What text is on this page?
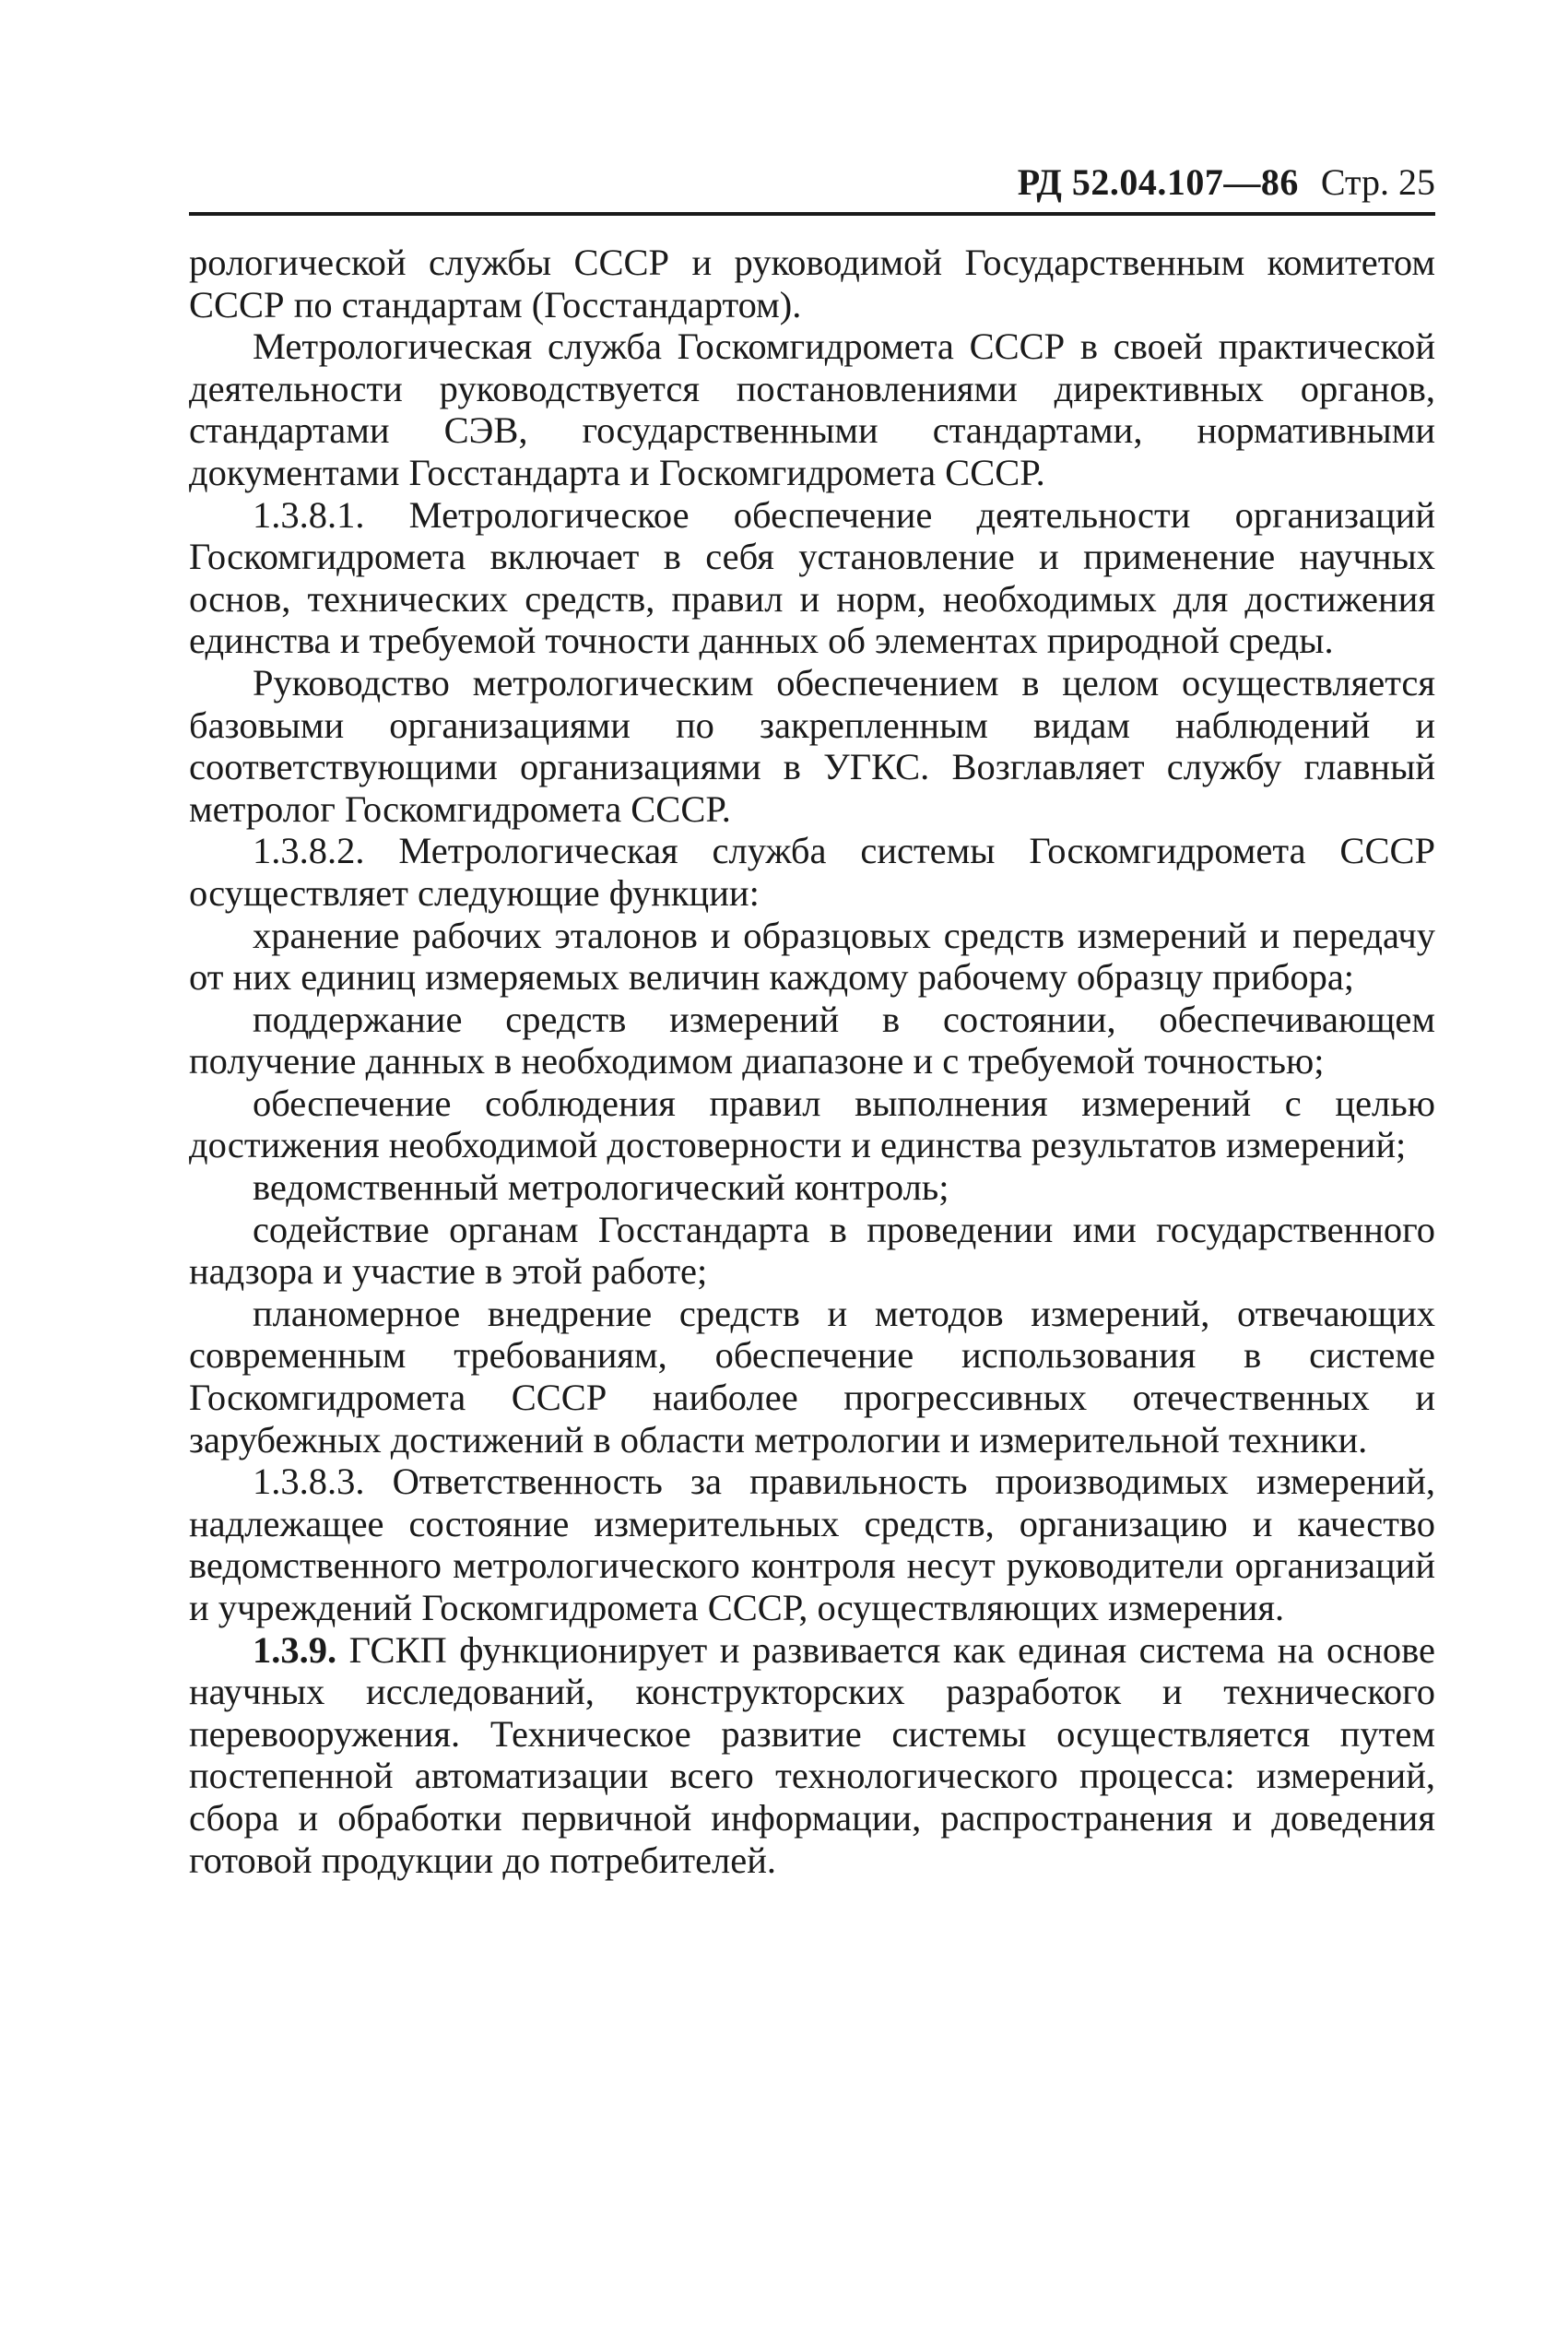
РД 52.04.107—86 Стр. 25

рологической службы СССР и руководимой Государственным комитетом СССР по стандартам (Госстандартом).

Метрологическая служба Госкомгидромета СССР в своей практической деятельности руководствуется постановлениями директивных органов, стандартами СЭВ, государственными стандартами, нормативными документами Госстандарта и Госкомгидромета СССР.

1.3.8.1. Метрологическое обеспечение деятельности организаций Госкомгидромета включает в себя установление и применение научных основ, технических средств, правил и норм, необходимых для достижения единства и требуемой точности данных об элементах природной среды.

Руководство метрологическим обеспечением в целом осуществляется базовыми организациями по закрепленным видам наблюдений и соответствующими организациями в УГКС. Возглавляет службу главный метролог Госкомгидромета СССР.

1.3.8.2. Метрологическая служба системы Госкомгидромета СССР осуществляет следующие функции:

хранение рабочих эталонов и образцовых средств измерений и передачу от них единиц измеряемых величин каждому рабочему образцу прибора;

поддержание средств измерений в состоянии, обеспечивающем получение данных в необходимом диапазоне и с требуемой точностью;

обеспечение соблюдения правил выполнения измерений с целью достижения необходимой достоверности и единства результатов измерений;

ведомственный метрологический контроль;

содействие органам Госстандарта в проведении ими государственного надзора и участие в этой работе;

планомерное внедрение средств и методов измерений, отвечающих современным требованиям, обеспечение использования в системе Госкомгидромета СССР наиболее прогрессивных отечественных и зарубежных достижений в области метрологии и измерительной техники.

1.3.8.3. Ответственность за правильность производимых измерений, надлежащее состояние измерительных средств, организацию и качество ведомственного метрологического контроля несут руководители организаций и учреждений Госкомгидромета СССР, осуществляющих измерения.

1.3.9. ГСКП функционирует и развивается как единая система на основе научных исследований, конструкторских разработок и технического перевооружения. Техническое развитие системы осуществляется путем постепенной автоматизации всего технологического процесса: измерений, сбора и обработки первичной информации, распространения и доведения готовой продукции до потребителей.
